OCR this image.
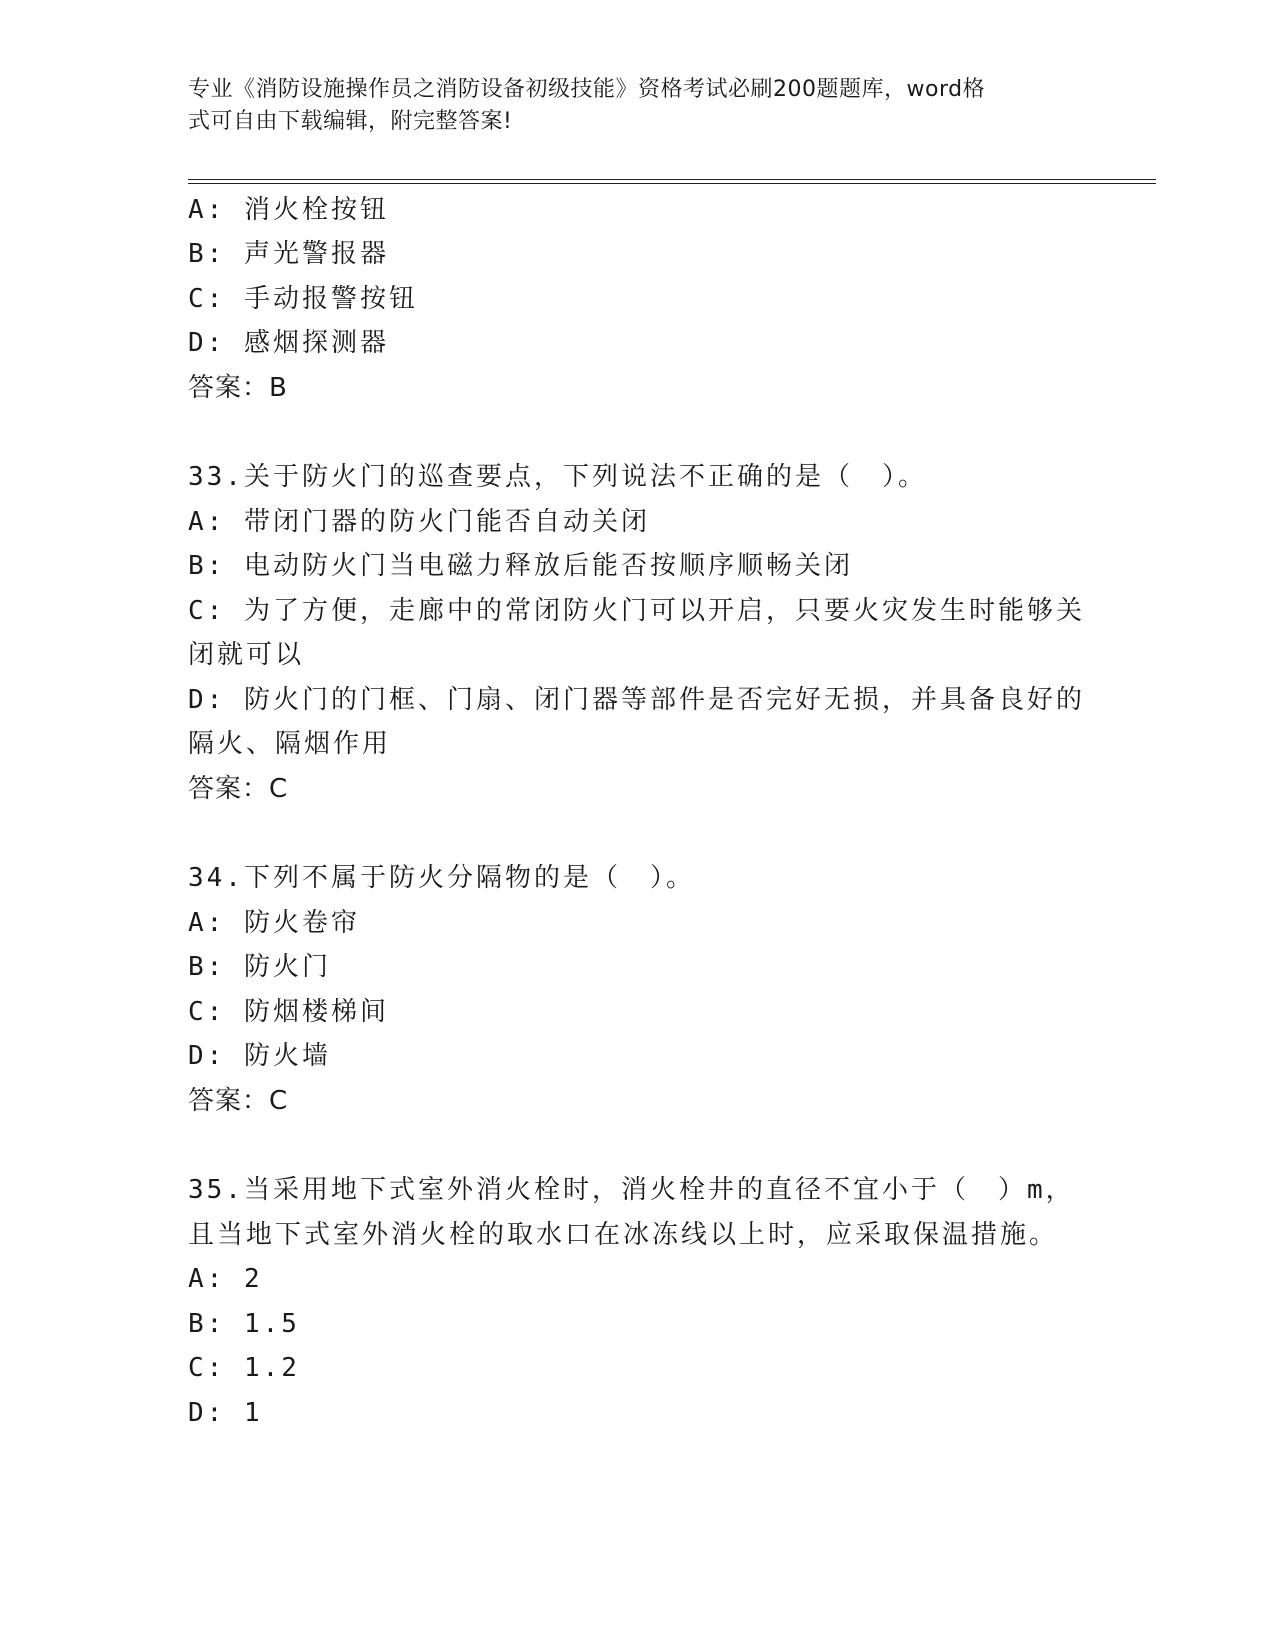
专业《消防设施操作员之消防设备初级技能》资格考试必刷200题题库，word格
式可自由下载编辑，附完整答案!
A: 消火栓按钮
B: 声光警报器
C: 手动报警按钮
D: 感烟探测器
答案：B
33.关于防火门的巡查要点，下列说法不正确的是（　）。
A: 带闭门器的防火门能否自动关闭
B: 电动防火门当电磁力释放后能否按顺序顺畅关闭
C: 为了方便，走廊中的常闭防火门可以开启，只要火灾发生时能够关
闭就可以
D: 防火门的门框、门扇、闭门器等部件是否完好无损，并具备良好的
隔火、隔烟作用
答案：C
34.下列不属于防火分隔物的是（　）。
A: 防火卷帘
B: 防火门
C: 防烟楼梯间
D: 防火墙
答案：C
35.当采用地下式室外消火栓时，消火栓井的直径不宜小于（　）m，
且当地下式室外消火栓的取水口在冰冻线以上时，应采取保温措施。
A: 2
B: 1.5
C: 1.2
D: 1
